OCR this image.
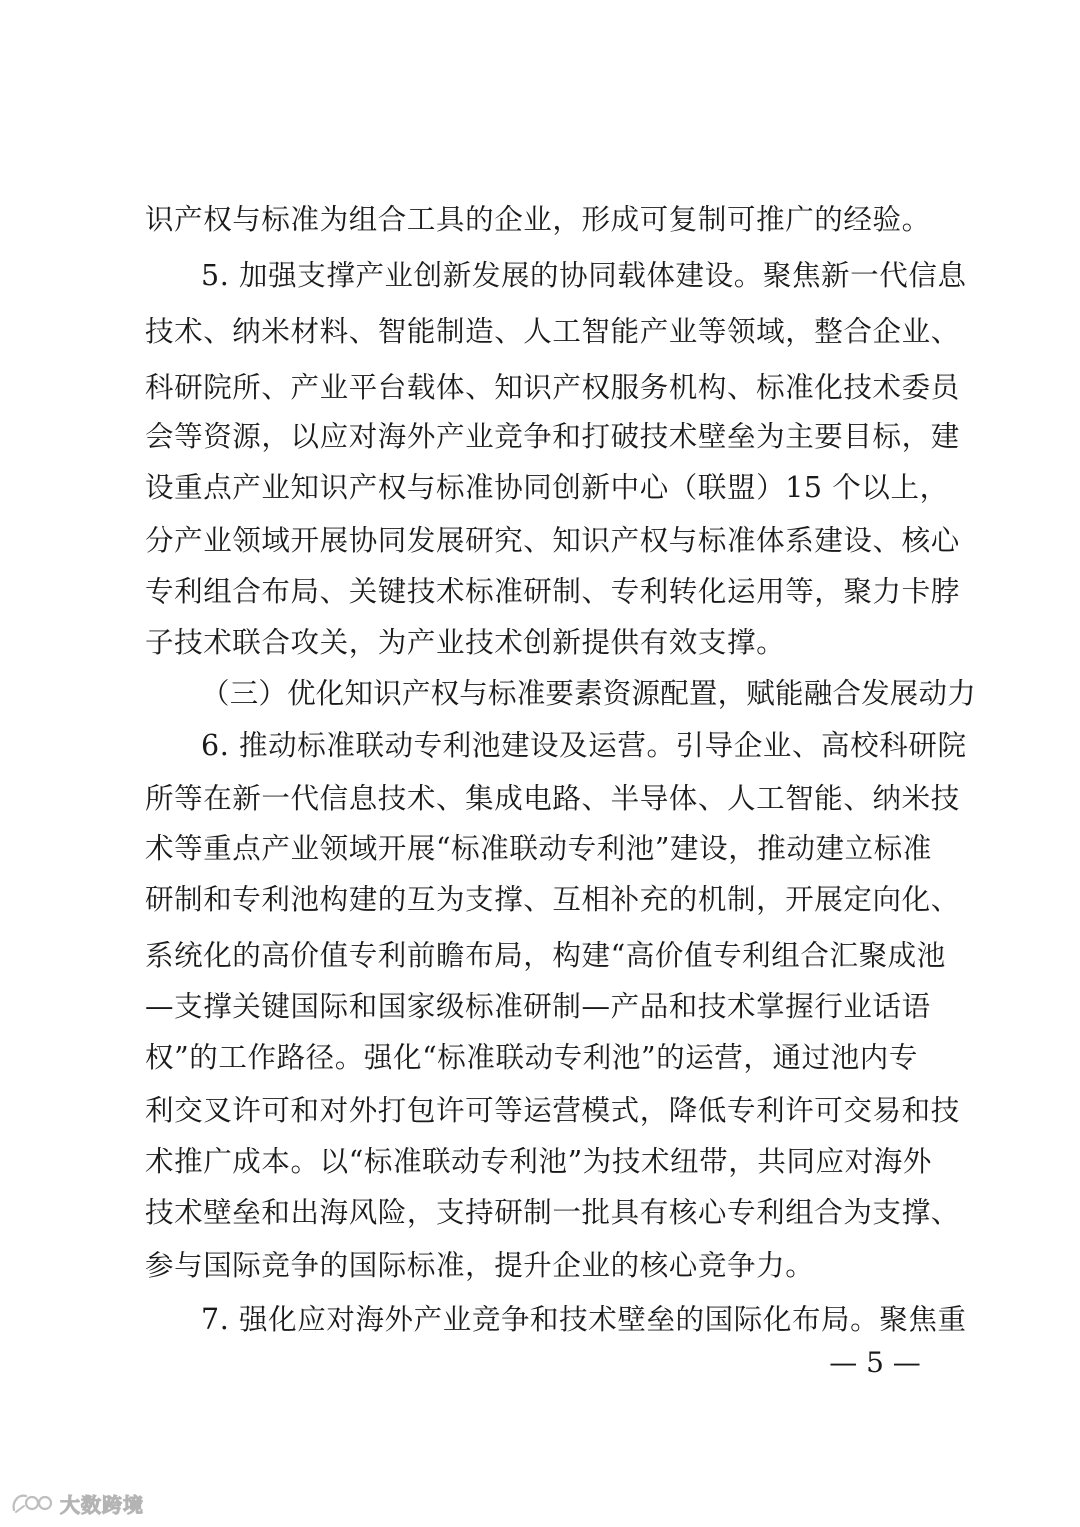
识产权与标准为组合工具的企业，形成可复制可推广的经验。
5. 加强支撑产业创新发展的协同载体建设。聚焦新一代信息
技术、纳米材料、智能制造、人工智能产业等领域，整合企业、
科研院所、产业平台载体、知识产权服务机构、标准化技术委员
会等资源，以应对海外产业竞争和打破技术壁垒为主要目标，建
设重点产业知识产权与标准协同创新中心（联盟）15 个以上，
分产业领域开展协同发展研究、知识产权与标准体系建设、核心
专利组合布局、关键技术标准研制、专利转化运用等，聚力卡脖
子技术联合攻关，为产业技术创新提供有效支撑。
（三）优化知识产权与标准要素资源配置，赋能融合发展动力
6. 推动标准联动专利池建设及运营。引导企业、高校科研院
所等在新一代信息技术、集成电路、半导体、人工智能、纳米技
术等重点产业领域开展“标准联动专利池”建设，推动建立标准
研制和专利池构建的互为支撑、互相补充的机制，开展定向化、
系统化的高价值专利前瞻布局，构建“高价值专利组合汇聚成池
—支撑关键国际和国家级标准研制—产品和技术掌握行业话语
权”的工作路径。强化“标准联动专利池”的运营，通过池内专
利交叉许可和对外打包许可等运营模式，降低专利许可交易和技
术推广成本。以“标准联动专利池”为技术纽带，共同应对海外
技术壁垒和出海风险，支持研制一批具有核心专利组合为支撑、
参与国际竞争的国际标准，提升企业的核心竞争力。
7. 强化应对海外产业竞争和技术壁垒的国际化布局。聚焦重
— 5 —
大数跨境
